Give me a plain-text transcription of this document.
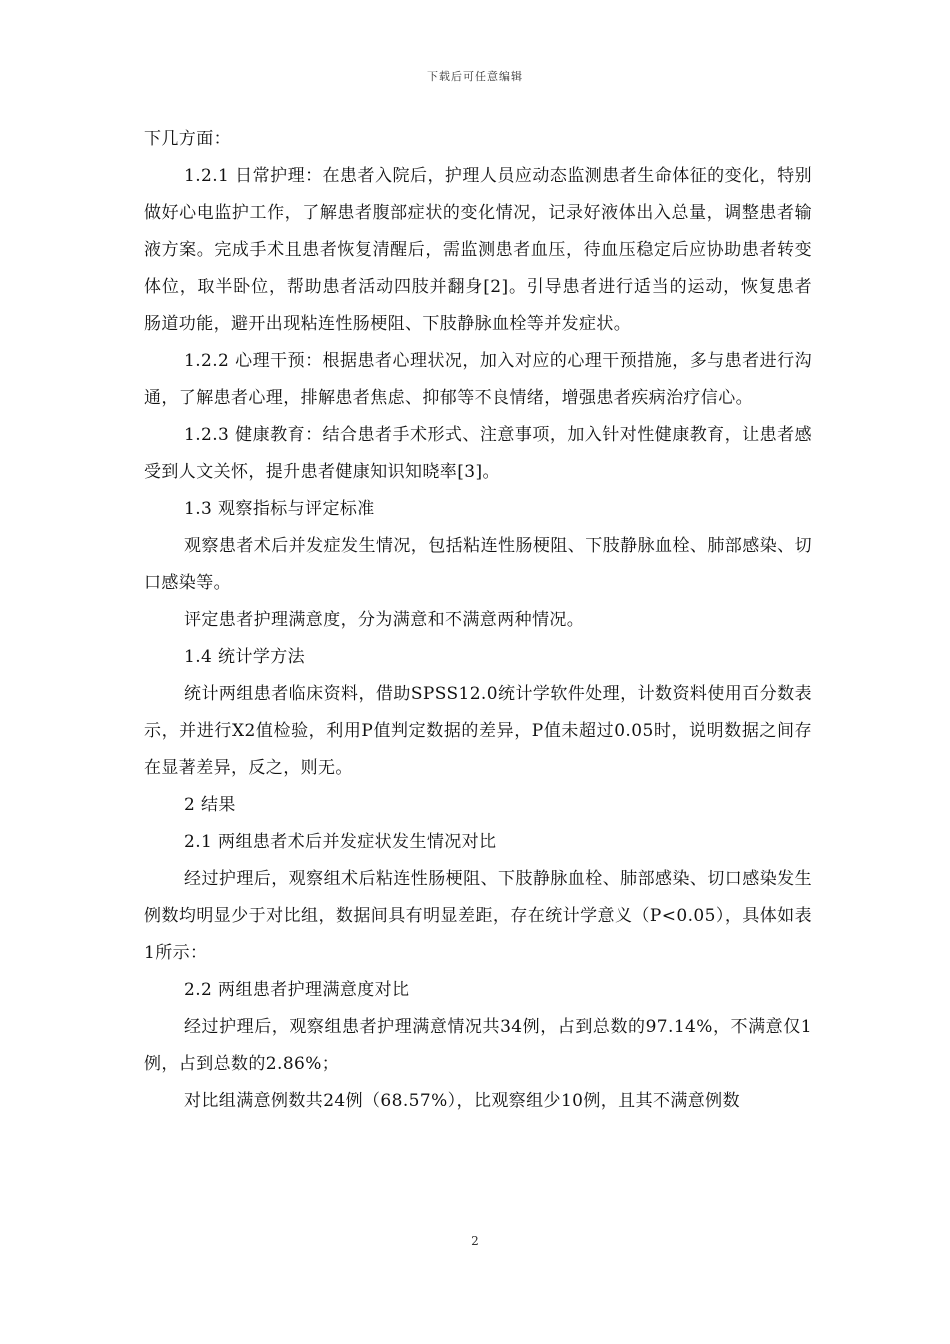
下载后可任意编辑

下几方面：

1.2.1 日常护理：在患者入院后，护理人员应动态监测患者生命体征的变化，特别做好心电监护工作，了解患者腹部症状的变化情况，记录好液体出入总量，调整患者输液方案。完成手术且患者恢复清醒后，需监测患者血压，待血压稳定后应协助患者转变体位，取半卧位，帮助患者活动四肢并翻身[2]。引导患者进行适当的运动，恢复患者肠道功能，避开出现粘连性肠梗阻、下肢静脉血栓等并发症状。

1.2.2 心理干预：根据患者心理状况，加入对应的心理干预措施，多与患者进行沟通，了解患者心理，排解患者焦虑、抑郁等不良情绪，增强患者疾病治疗信心。

1.2.3 健康教育：结合患者手术形式、注意事项，加入针对性健康教育，让患者感受到人文关怀，提升患者健康知识知晓率[3]。

1.3 观察指标与评定标准

观察患者术后并发症发生情况，包括粘连性肠梗阻、下肢静脉血栓、肺部感染、切口感染等。

评定患者护理满意度，分为满意和不满意两种情况。

1.4 统计学方法

统计两组患者临床资料，借助SPSS12.0统计学软件处理，计数资料使用百分数表示，并进行X2值检验，利用P值判定数据的差异，P值未超过0.05时，说明数据之间存在显著差异，反之，则无。

2 结果

2.1 两组患者术后并发症状发生情况对比

经过护理后，观察组术后粘连性肠梗阻、下肢静脉血栓、肺部感染、切口感染发生例数均明显少于对比组，数据间具有明显差距，存在统计学意义（P<0.05），具体如表1所示：

2.2 两组患者护理满意度对比

经过护理后，观察组患者护理满意情况共34例，占到总数的97.14%，不满意仅1例，占到总数的2.86%；

对比组满意例数共24例（68.57%），比观察组少10例，且其不满意例数

2
